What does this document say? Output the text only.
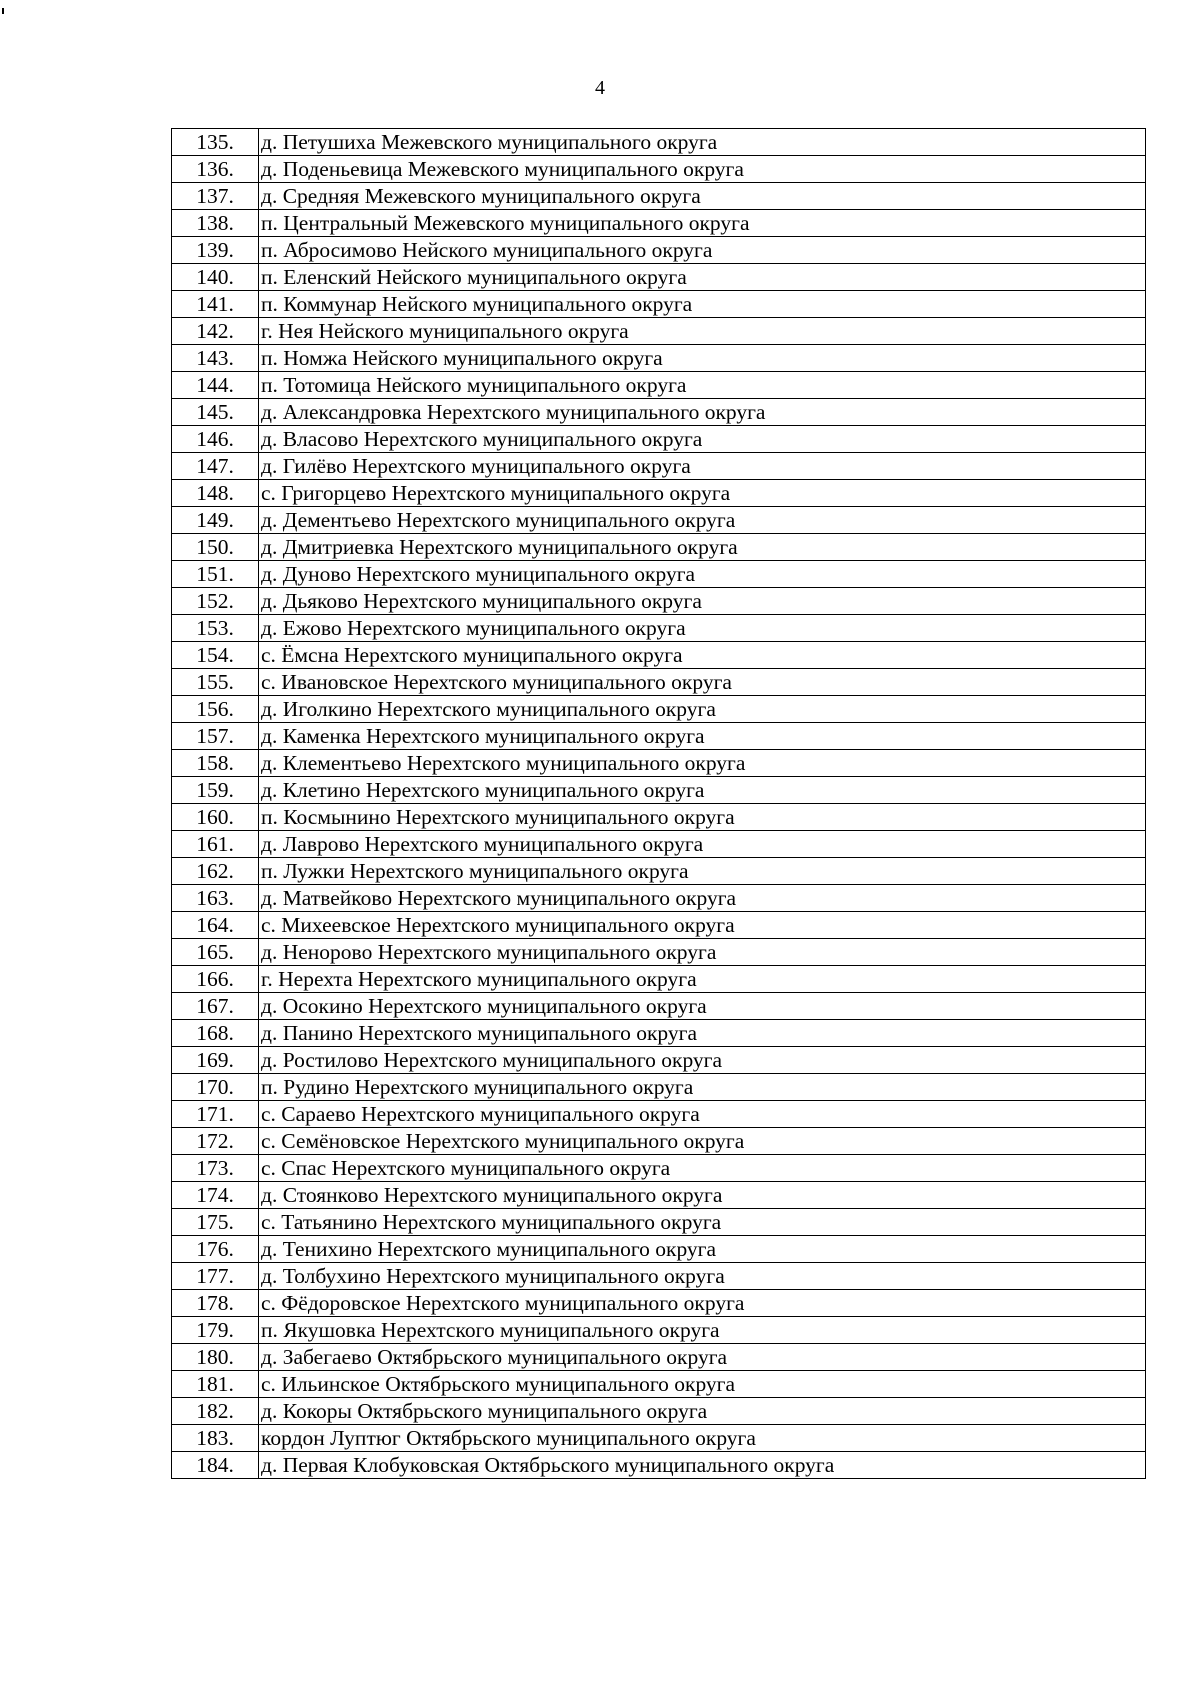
4
135.	д. Петушиха Межевского муниципального округа
136.	д. Поденьевица Межевского муниципального округа
137.	д. Средняя Межевского муниципального округа
138.	п. Центральный Межевского муниципального округа
139.	п. Абросимово Нейского муниципального округа
140.	п. Еленский Нейского муниципального округа
141.	п. Коммунар Нейского муниципального округа
142.	г. Нея Нейского муниципального округа
143.	п. Номжа Нейского муниципального округа
144.	п. Тотомица Нейского муниципального округа
145.	д. Александровка Нерехтского муниципального округа
146.	д. Власово Нерехтского муниципального округа
147.	д. Гилёво Нерехтского муниципального округа
148.	с. Григорцево Нерехтского муниципального округа
149.	д. Дементьево Нерехтского муниципального округа
150.	д. Дмитриевка Нерехтского муниципального округа
151.	д. Дуново Нерехтского муниципального округа
152.	д. Дьяково Нерехтского муниципального округа
153.	д. Ежово Нерехтского муниципального округа
154.	с. Ёмсна Нерехтского муниципального округа
155.	с. Ивановское Нерехтского муниципального округа
156.	д. Иголкино Нерехтского муниципального округа
157.	д. Каменка Нерехтского муниципального округа
158.	д. Клементьево Нерехтского муниципального округа
159.	д. Клетино Нерехтского муниципального округа
160.	п. Космынино Нерехтского муниципального округа
161.	д. Лаврово Нерехтского муниципального округа
162.	п. Лужки Нерехтского муниципального округа
163.	д. Матвейково Нерехтского муниципального округа
164.	с. Михеевское Нерехтского муниципального округа
165.	д. Неноровo Нерехтского муниципального округа
166.	г. Нерехта Нерехтского муниципального округа
167.	д. Осокино Нерехтского муниципального округа
168.	д. Панино Нерехтского муниципального округа
169.	д. Ростилово Нерехтского муниципального округа
170.	п. Рудино Нерехтского муниципального округа
171.	с. Сараево Нерехтского муниципального округа
172.	с. Семёновское Нерехтского муниципального округа
173.	с. Спас Нерехтского муниципального округа
174.	д. Стоянково Нерехтского муниципального округа
175.	с. Татьянино Нерехтского муниципального округа
176.	д. Тенихино Нерехтского муниципального округа
177.	д. Толбухино Нерехтского муниципального округа
178.	с. Фёдоровское Нерехтского муниципального округа
179.	п. Якушовка Нерехтского муниципального округа
180.	д. Забегаево Октябрьского муниципального округа
181.	с. Ильинское Октябрьского муниципального округа
182.	д. Кокоры Октябрьского муниципального округа
183.	кордон Луптюг Октябрьского муниципального округа
184.	д. Первая Клобуковская Октябрьского муниципального округа
